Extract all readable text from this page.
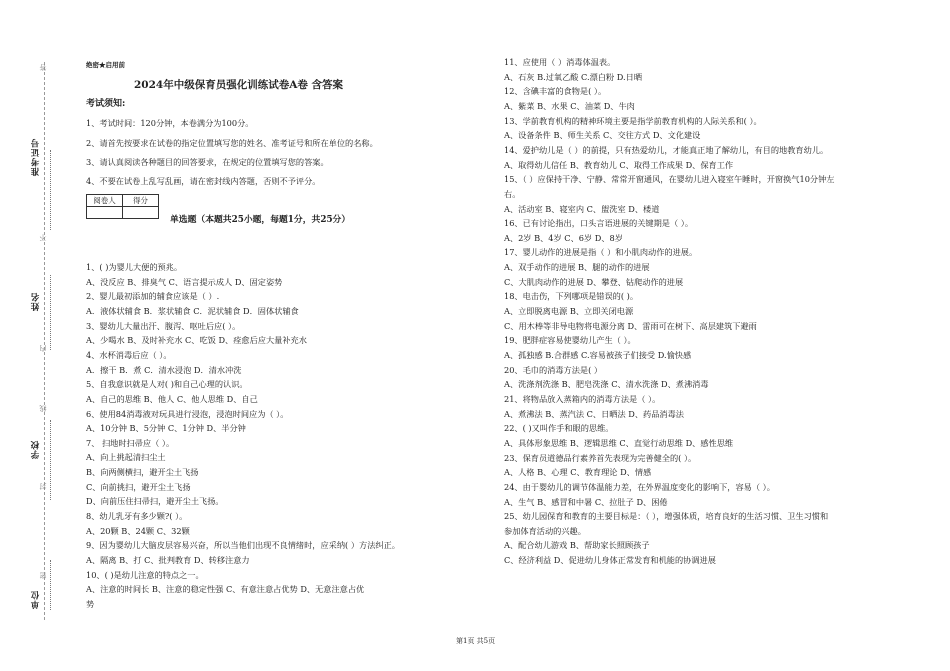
准考证号
姓名
学校
单位
答
不
内
线
封
密
绝密★启用前
2024年中级保育员强化训练试卷A卷 含答案
考试须知:
1、考试时间：120分钟，本卷满分为100分。
2、请首先按要求在试卷的指定位置填写您的姓名、准考证号和所在单位的名称。
3、请认真阅读各种题目的回答要求，在规定的位置填写您的答案。
4、不要在试卷上乱写乱画，请在密封线内答题，否则不予评分。
阅卷人	得分

单选题（本题共25小题，每题1分，共25分）
1、( )为婴儿大便的预兆。
A、没反应 B、排臭气 C、语言提示成人 D、固定姿势
2、婴儿最初添加的辅食应该是（ ）.
A．液体状辅食 B．浆状辅食 C．泥状辅食 D．固体状辅食
3、婴幼儿大量出汗、腹泻、呕吐后应( ）。
A、少喝水 B、及时补充水 C、吃饭 D、痊愈后应大量补充水
4、水杯消毒后应（ ）。
A．擦干 B．煮 C．清水浸泡 D．清水冲洗
5、自我意识就是人对( )和自己心理的认识。
A、自己的思维 B、他人 C、他人思维 D、自己
6、使用84消毒液对玩具进行浸泡，浸泡时间应为（ ）。
A、10分钟 B、5分钟 C、1分钟 D、半分钟
7、 扫地时扫帚应（ ）。
A、向上挑起清扫尘土
B、向两侧横扫，避开尘土飞扬
C、向前挑扫，避开尘土飞扬
D、向前压住扫帚扫，避开尘土飞扬。
8、幼儿乳牙有多少颗?( ）。
A、20颗 B、24颗 C、32颗
9、因为婴幼儿大脑皮层容易兴奋，所以当他们出现不良情绪时，应采纳( ）方法纠正。
A、隔离 B、打 C、批判教育 D、转移注意力
10、( )是幼儿注意的特点之一。
A、注意的时间长 B、注意的稳定性强 C、有意注意占优势 D、无意注意占优
势
11、应使用（ ）消毒体温表。
A、石灰 B.过氧乙酸 C.漂白粉 D.日晒
12、含碘丰富的食物是( ）。
A、紫菜 B、水果 C、油菜 D、牛肉
13、学前教育机构的精神环境主要是指学前教育机构的人际关系和( ）。
A、设备条件 B、师生关系 C、交往方式 D、文化建设
14、爱护幼儿是（ ）的前提，只有热爱幼儿，才能真正地了解幼儿，有目的地教育幼儿。
A、取得幼儿信任 B、教育幼儿 C、取得工作成果 D、保育工作
15、（ ）应保持干净、宁静、常常开窗通风，在婴幼儿进入寝室午睡时，开窗换气10分钟左
右。
A、活动室 B、寝室内 C、盥洗室 D、楼道
16、已有讨论指出，口头言语进展的关键期是（ ）。
A、2岁 B、4岁 C、6岁 D、8岁
17、婴儿动作的进展是指（ ）和小肌肉动作的进展。
A、双手动作的进展 B、腿的动作的进展
C、大肌肉动作的进展 D、攀登、钻爬动作的进展
18、电击伤，下列哪项是错误的( )。
A、立即脱离电源 B、立即关闭电源
C、用木棒等非导电物将电源分离 D、雷雨可在树下、高层建筑下避雨
19、肥胖症容易使婴幼儿产生（ ）。
A、孤独感 B.合群感 C.容易被孩子们接受 D.愉快感
20、毛巾的消毒方法是( ）
A、洗涤剂洗涤 B、肥皂洗涤 C、清水洗涤 D、煮沸消毒
21、将物品放入蒸箱内的消毒方法是（ ）。
A、煮沸法 B、蒸汽法 C、日晒法 D、药品消毒法
22、( )又叫作手和眼的思维。
A、具体形象思维 B、逻辑思维 C、直觉行动思维 D、感性思维
23、保育员道德品行素养首先表现为完善健全的( ）。
A、人格 B、心理 C、教育理论 D、情感
24、由于婴幼儿的调节体温能力差，在外界温度变化的影响下，容易（ ）。
A、生气 B、感冒和中暑 C、拉肚子 D、困倦
25、幼儿园保育和教育的主要目标是：（ ），增强体质，培育良好的生活习惯、卫生习惯和
参加体育活动的兴趣。
A、配合幼儿游戏 B、帮助家长照顾孩子
C、经济利益 D、促进幼儿身体正常发育和机能的协调进展
第1页 共5页
